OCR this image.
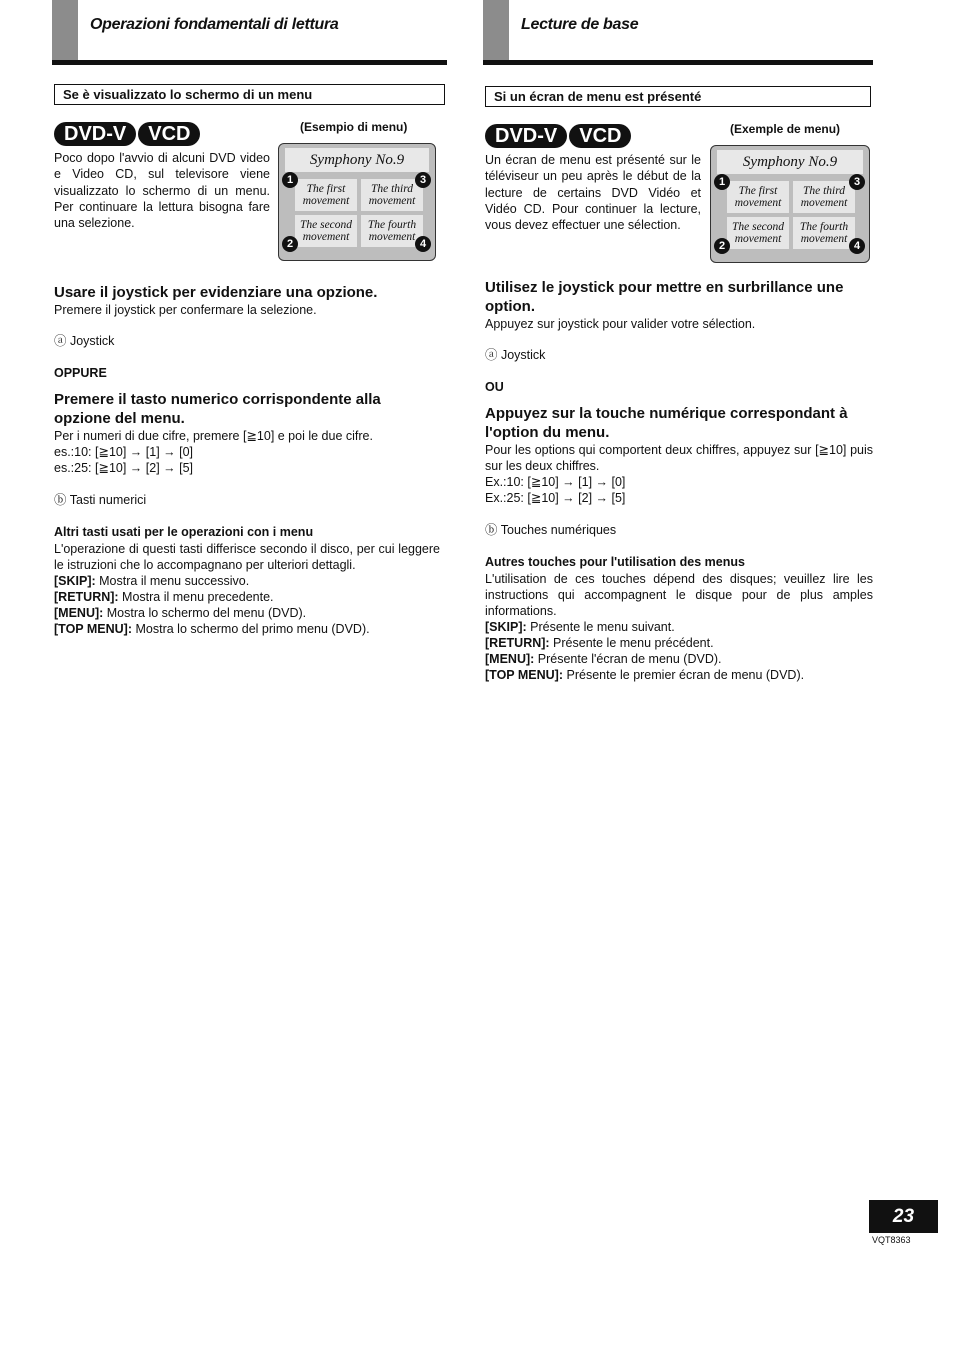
Operazioni fondamentali di lettura
Se è visualizzato lo schermo di un menu
DVD-V	VCD
Poco dopo l'avvio di alcuni DVD video e Video CD, sul televisore viene visualizzato lo schermo di un menu. Per continuare la lettura bisogna fare una selezione.
(Esempio di menu)
Symphony No.9
The first
movement
The third
movement
The second
movement
The fourth
movement
1	3
2	4
Usare il joystick per evidenziare una opzione.
Premere il joystick per confermare la selezione.
ⓐ Joystick
OPPURE
Premere il tasto numerico corrispondente alla opzione del menu.
Per i numeri di due cifre, premere [≧10] e poi le due cifre.
es.:10: [≧10] → [1] → [0]
es.:25: [≧10] → [2] → [5]
ⓑ Tasti numerici
Altri tasti usati per le operazioni con i menu
L'operazione di questi tasti differisce secondo il disco, per cui leggere le istruzioni che lo accompagnano per ulteriori dettagli.
[SKIP]: Mostra il menu successivo.
[RETURN]: Mostra il menu precedente.
[MENU]: Mostra lo schermo del menu (DVD).
[TOP MENU]: Mostra lo schermo del primo menu (DVD).
Lecture de base
Si un écran de menu est présenté
DVD-V	VCD
Un écran de menu est présenté sur le téléviseur un peu après le début de la lecture de certains DVD Vidéo et Vidéo CD. Pour continuer la lecture, vous devez effectuer une sélection.
(Exemple de menu)
Symphony No.9
The first
movement
The third
movement
The second
movement
The fourth
movement
1	3
2	4
Utilisez le joystick pour mettre en surbrillance une option.
Appuyez sur joystick pour valider votre sélection.
ⓐ Joystick
OU
Appuyez sur la touche numérique correspondant à l'option du menu.
Pour les options qui comportent deux chiffres, appuyez sur [≧10] puis sur les deux chiffres.
Ex.:10: [≧10] → [1] → [0]
Ex.:25: [≧10] → [2] → [5]
ⓑ Touches numériques
Autres touches pour l'utilisation des menus
L'utilisation de ces touches dépend des disques; veuillez lire les instructions qui accompagnent le disque pour de plus amples informations.
[SKIP]: Présente le menu suivant.
[RETURN]: Présente le menu précédent.
[MENU]: Présente l'écran de menu (DVD).
[TOP MENU]: Présente le premier écran de menu (DVD).
23
VQT8363
